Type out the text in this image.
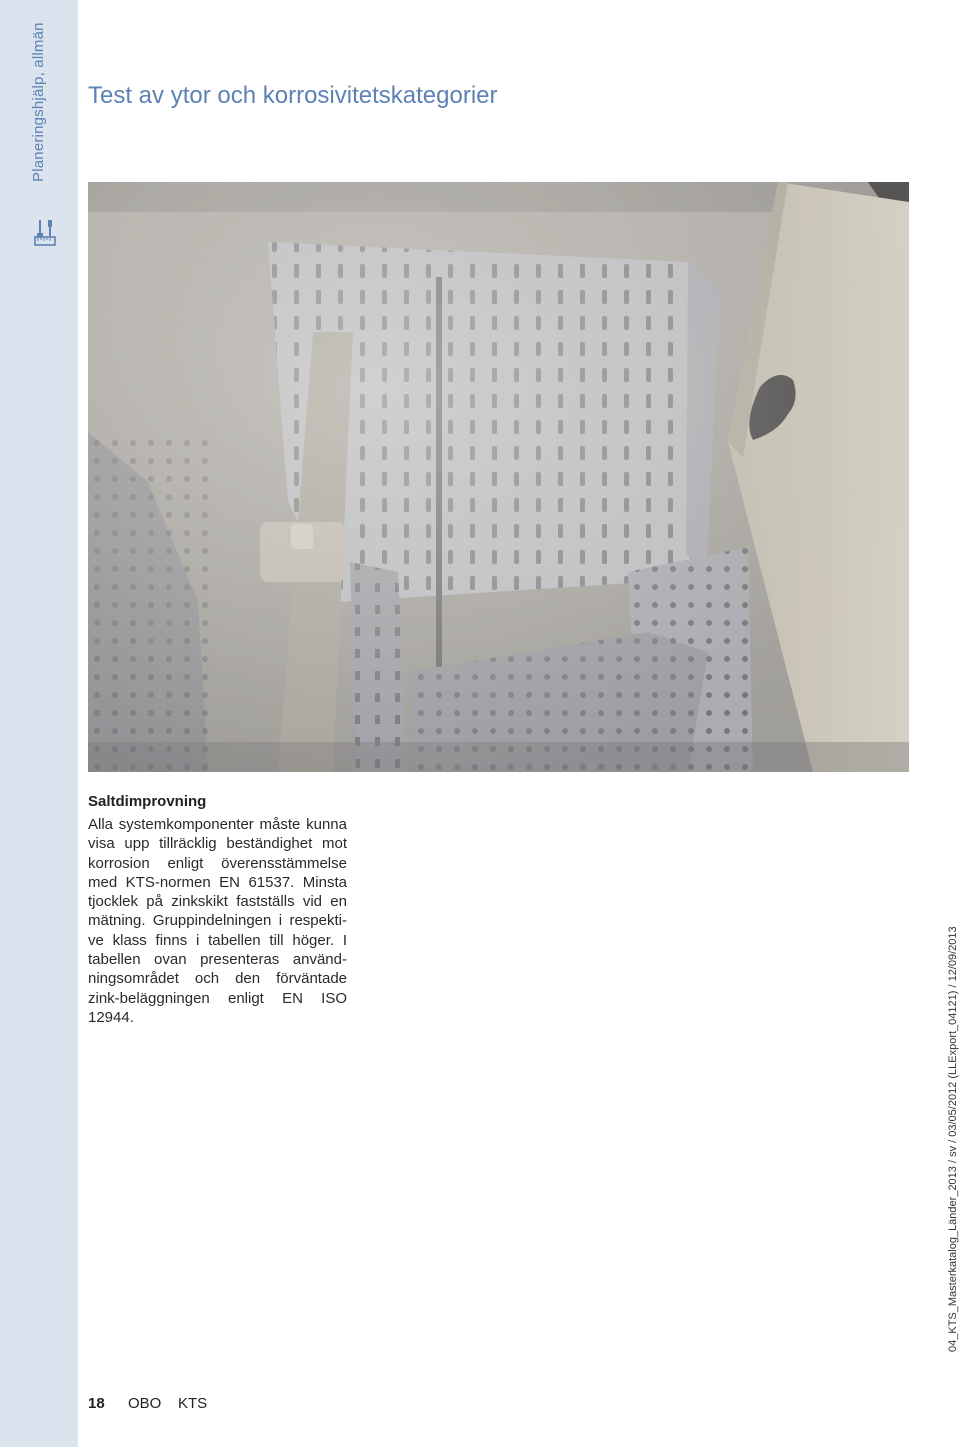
Planeringshjälp, allmän Test av ytor och korrosivitetskategorier
Saltdimprovning

Alla systemkomponenter måste kunna visa upp tillräcklig beständighet mot korrosion enligt överensstämmelse med KTS-normen EN 61537. Minsta tjocklek på zinkskikt fastställs vid en mätning. Gruppindelningen i respektive klass finns i tabellen till höger. I tabellen ovan presenteras användningsområdet och den förväntade zink-beläggningen enligt EN ISO 12944.

18 OBO    KTS
04_KTS_Masterkatalog_Länder_2013 / sv / 03/05/2012 (LLExport_04121) / 12/09/2013
